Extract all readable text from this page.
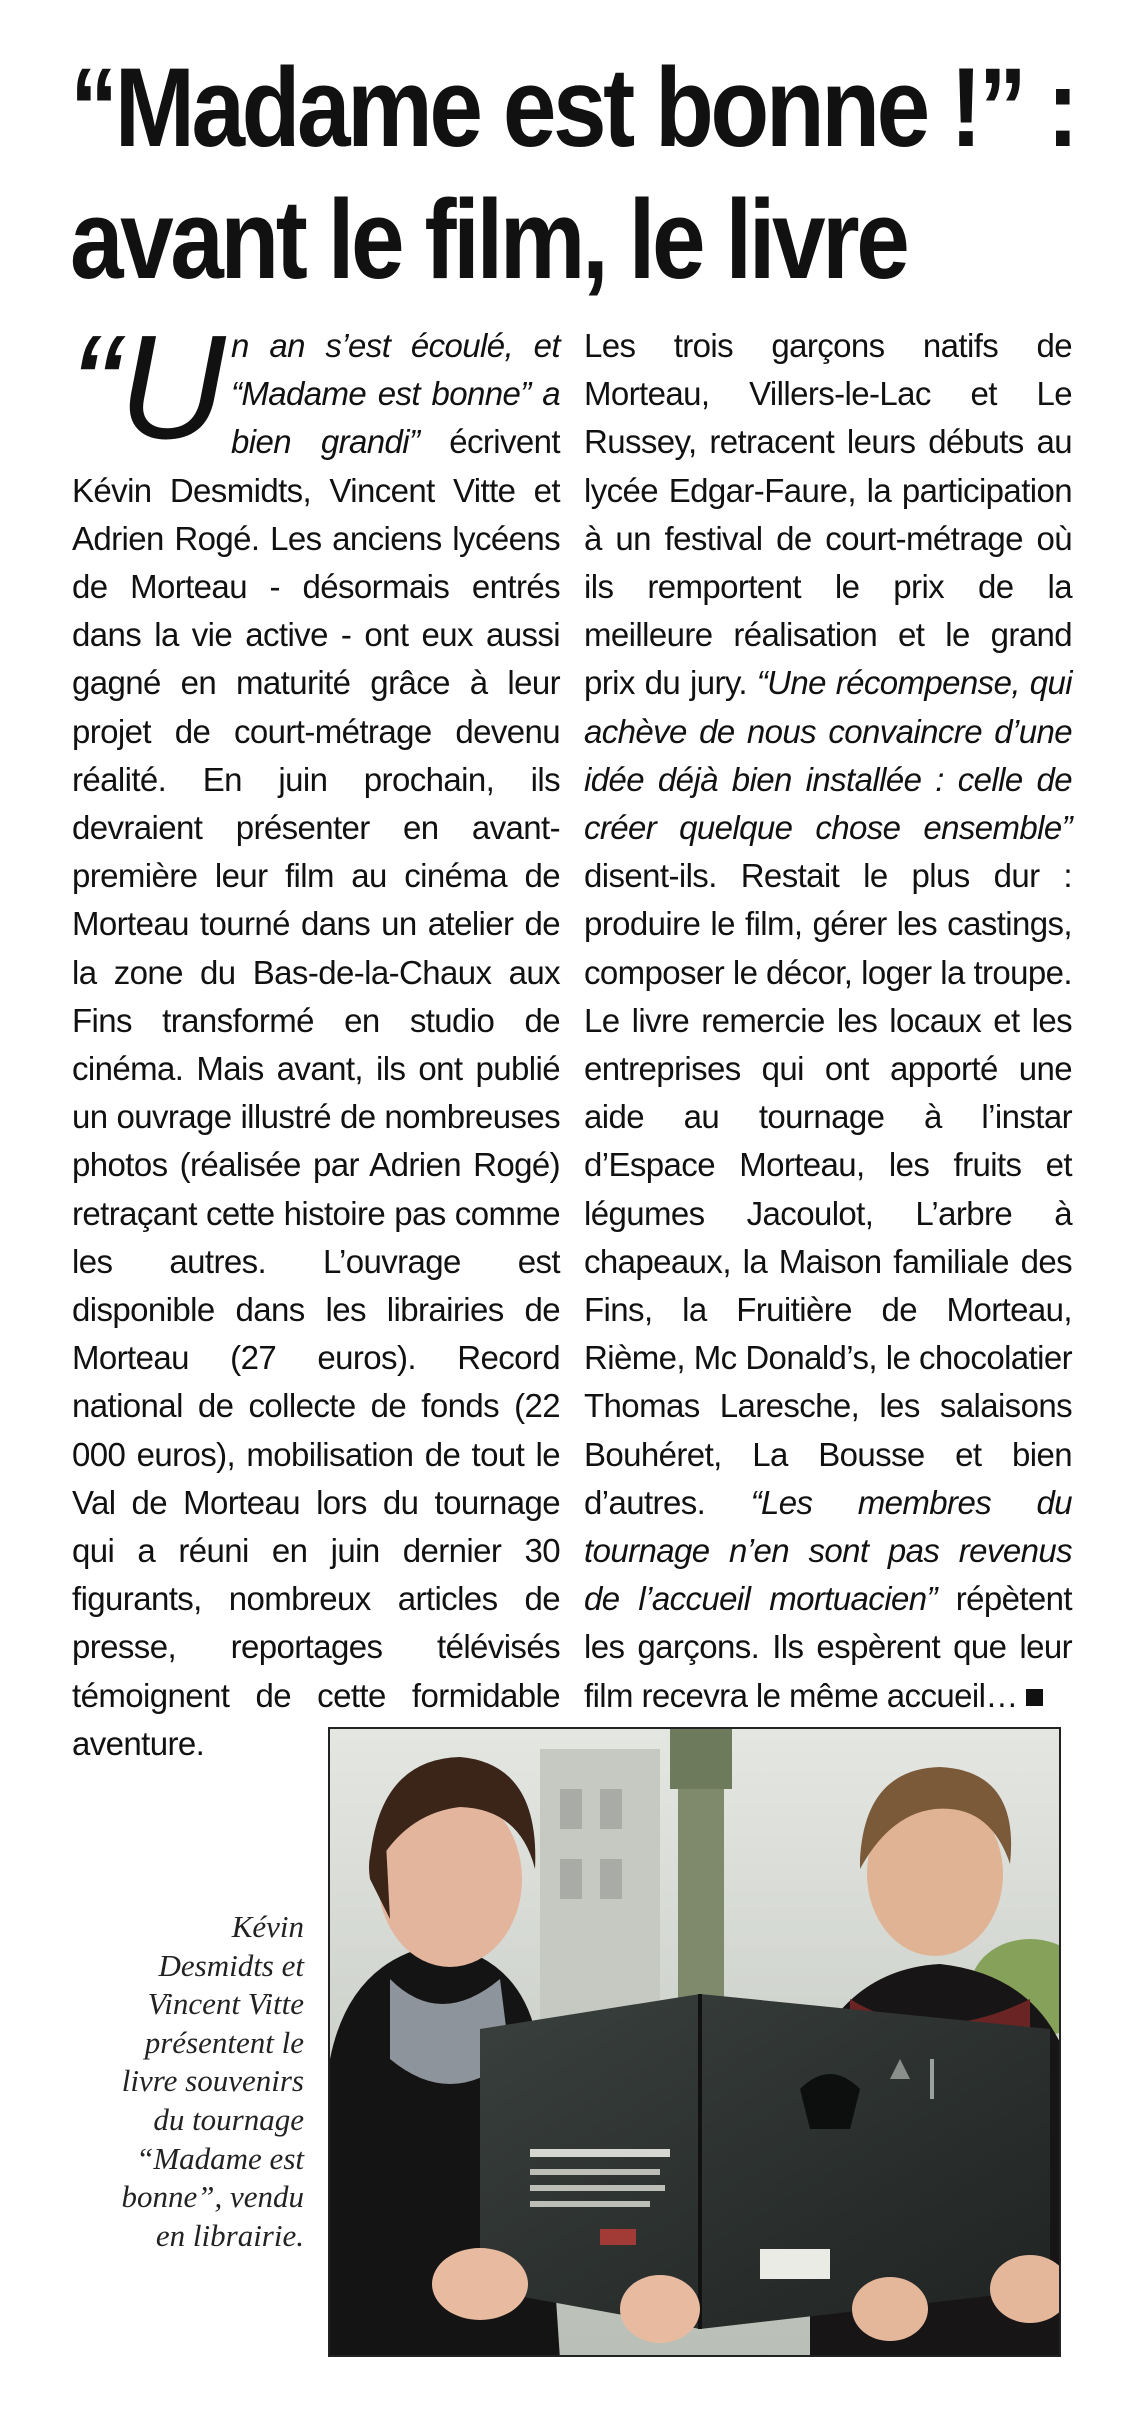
“Madame est bonne !” :
avant le film, le livre

“Un an s’est écoulé, et “Madame est bonne” a bien grandi” écrivent Kévin Desmidts, Vincent Vitte et Adrien Rogé. Les anciens lycéens de Morteau - désormais entrés dans la vie active - ont eux aussi gagné en maturité grâce à leur projet de court-métrage devenu réalité. En juin prochain, ils devraient présenter en avant-première leur film au cinéma de Morteau tourné dans un atelier de la zone du Bas-de-la-Chaux aux Fins transformé en studio de cinéma. Mais avant, ils ont publié un ouvrage illustré de nombreuses photos (réalisée par Adrien Rogé) retraçant cette histoire pas comme les autres. L’ouvrage est disponible dans les librairies de Morteau (27 euros). Record national de collecte de fonds (22 000 euros), mobilisation de tout le Val de Morteau lors du tournage qui a réuni en juin dernier 30 figurants, nombreux articles de presse, reportages télévisés témoignent de cette formidable aventure.

Les trois garçons natifs de Morteau, Villers-le-Lac et Le Russey, retracent leurs débuts au lycée Edgar-Faure, la participation à un festival de court-métrage où ils remportent le prix de la meilleure réalisation et le grand prix du jury. “Une récompense, qui achève de nous convaincre d’une idée déjà bien installée : celle de créer quelque chose ensemble” disent-ils. Restait le plus dur : produire le film, gérer les castings, composer le décor, loger la troupe. Le livre remercie les locaux et les entreprises qui ont apporté une aide au tournage à l’instar d’Espace Morteau, les fruits et légumes Jacoulot, L’arbre à chapeaux, la Maison familiale des Fins, la Fruitière de Morteau, Rième, Mc Donald’s, le chocolatier Thomas Laresche, les salaisons Bouhéret, La Bousse et bien d’autres. “Les membres du tournage n’en sont pas revenus de l’accueil mortuacien” répètent les garçons. Ils espèrent que leur film recevra le même accueil…

Kévin Desmidts et Vincent Vitte présentent le livre souvenirs du tournage “Madame est bonne”, vendu en librairie.
